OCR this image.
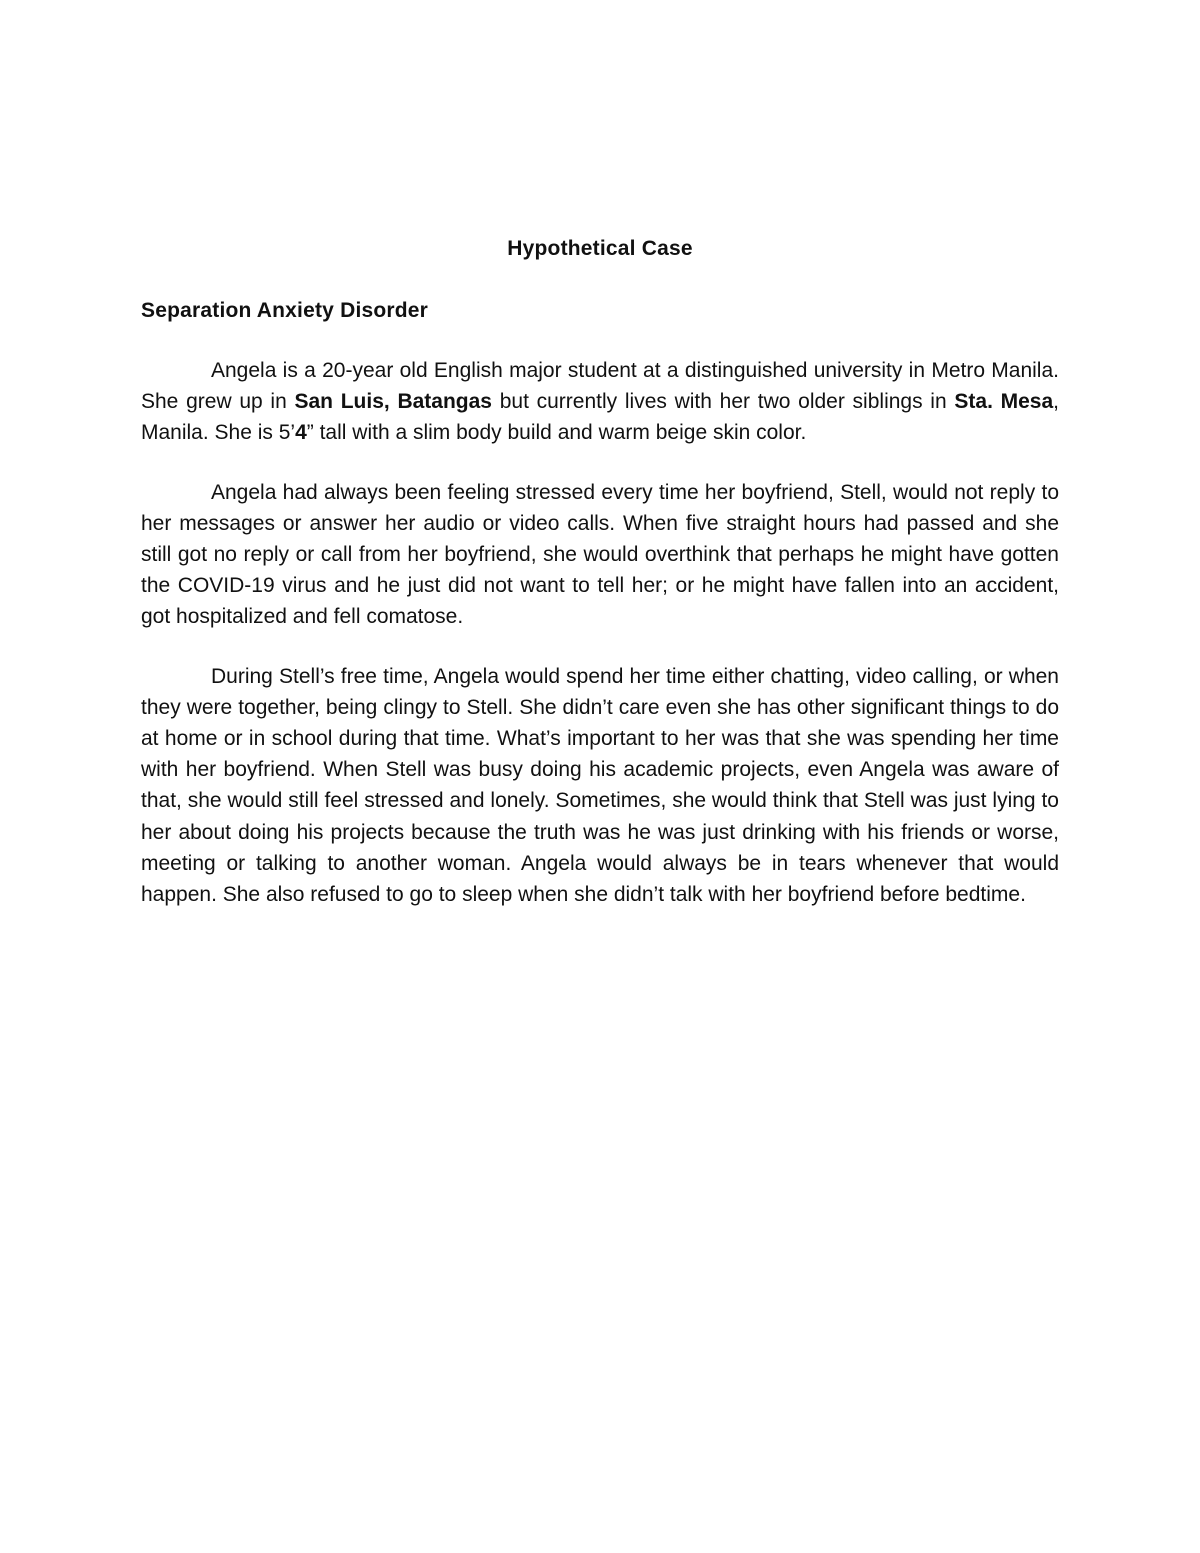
Hypothetical Case
Separation Anxiety Disorder

Angela is a 20-year old English major student at a distinguished university in Metro Manila. She grew up in San Luis, Batangas but currently lives with her two older siblings in Sta. Mesa, Manila. She is 5’4” tall with a slim body build and warm beige skin color.

Angela had always been feeling stressed every time her boyfriend, Stell, would not reply to her messages or answer her audio or video calls. When five straight hours had passed and she still got no reply or call from her boyfriend, she would overthink that perhaps he might have gotten the COVID-19 virus and he just did not want to tell her; or he might have fallen into an accident, got hospitalized and fell comatose.

During Stell’s free time, Angela would spend her time either chatting, video calling, or when they were together, being clingy to Stell. She didn’t care even she has other significant things to do at home or in school during that time. What’s important to her was that she was spending her time with her boyfriend. When Stell was busy doing his academic projects, even Angela was aware of that, she would still feel stressed and lonely. Sometimes, she would think that Stell was just lying to her about doing his projects because the truth was he was just drinking with his friends or worse, meeting or talking to another woman. Angela would always be in tears whenever that would happen. She also refused to go to sleep when she didn’t talk with her boyfriend before bedtime.
